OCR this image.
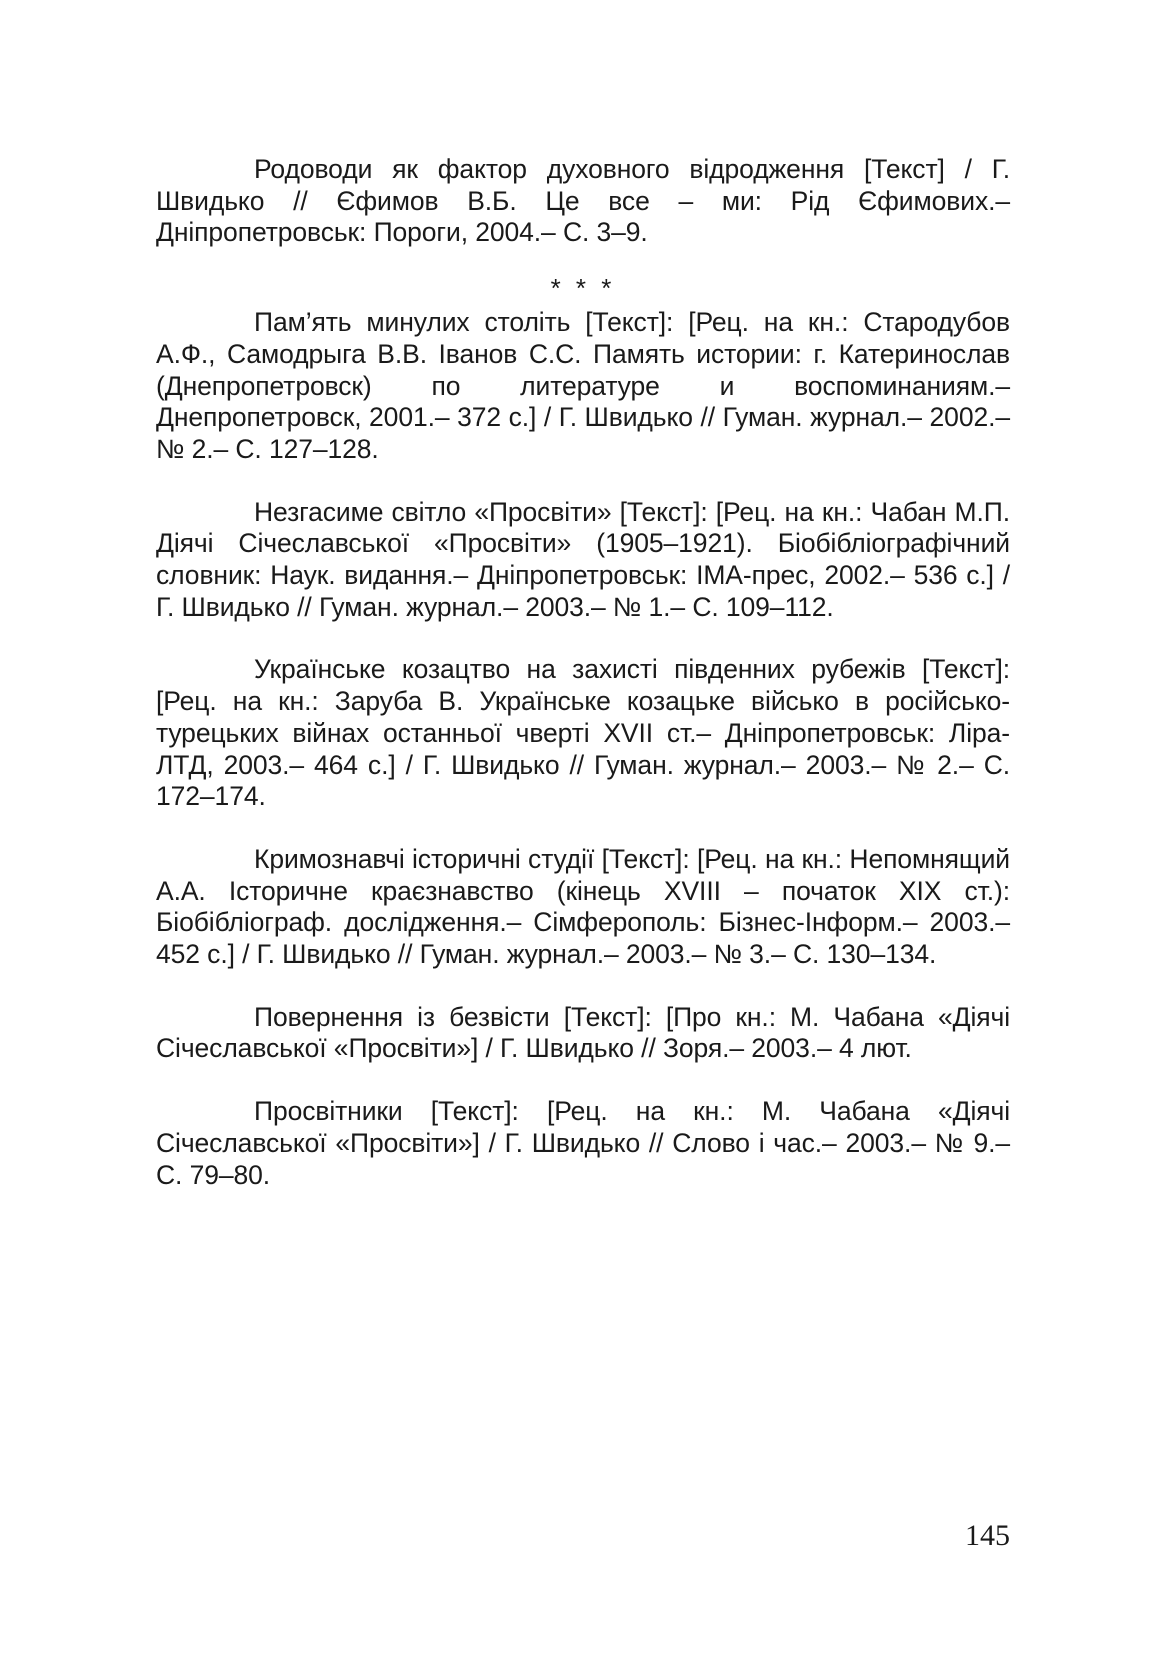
Родоводи як фактор духовного відродження [Текст] / Г. Швидько // Єфимов В.Б. Це все – ми: Рід Єфимових.– Дніпропетровськ: Пороги, 2004.– С. 3–9.

* * *

Пам’ять минулих століть [Текст]: [Рец. на кн.: Стародубов А.Ф., Самодрыга В.В. Іванов С.С. Память истории: г. Катеринослав (Днепропетровск) по литературе и воспоминаниям.– Днепропетровск, 2001.– 372 с.] / Г. Швидько // Гуман. журнал.– 2002.– № 2.– С. 127–128.

Незгасиме світло «Просвіти» [Текст]: [Рец. на кн.: Чабан М.П. Діячі Січеславської «Просвіти» (1905–1921). Біобібліографічний словник: Наук. видання.– Дніпропетровськ: ІМА-прес, 2002.– 536 с.] / Г. Швидько // Гуман. журнал.– 2003.– № 1.– С. 109–112.

Українське козацтво на захисті південних рубежів [Текст]: [Рец. на кн.: Заруба В. Українське козацьке військо в російсько-турецьких війнах останньої чверті XVII ст.– Дніпропетровськ: Ліра-ЛТД, 2003.– 464 с.] / Г. Швидько // Гуман. журнал.– 2003.– № 2.– С. 172–174.

Кримознавчі історичні студії [Текст]: [Рец. на кн.: Непомнящий А.А. Історичне краєзнавство (кінець XVIII – початок XIX ст.): Біобібліограф. дослідження.– Сімферополь: Бізнес-Інформ.– 2003.– 452 с.] / Г. Швидько // Гуман. журнал.– 2003.– № 3.– С. 130–134.

Повернення із безвісти [Текст]: [Про кн.: М. Чабана «Діячі Січеславської «Просвіти»] / Г. Швидько // Зоря.– 2003.– 4 лют.

Просвітники [Текст]: [Рец. на кн.: М. Чабана «Діячі Січеславської «Просвіти»] / Г. Швидько // Слово і час.– 2003.– № 9.– С. 79–80.

145
